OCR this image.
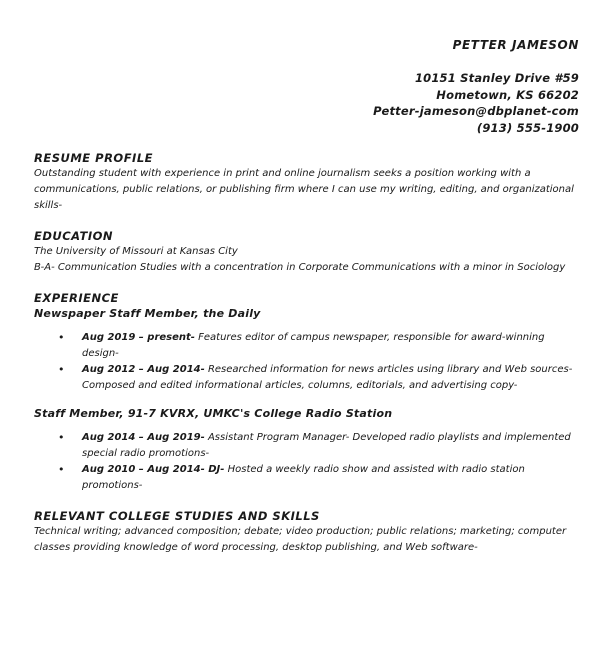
PETTER JAMESON
10151 Stanley Drive #59
Hometown, KS 66202
Petter-jameson@dbplanet-com
(913) 555-1900
RESUME PROFILE
Outstanding student with experience in print and online journalism seeks a position working with a communications, public relations, or publishing firm where I can use my writing, editing, and organizational skills-
EDUCATION
The University of Missouri at Kansas City
B-A- Communication Studies with a concentration in Corporate Communications with a minor in Sociology
EXPERIENCE
Newspaper Staff Member, the Daily
• Aug 2019 – present- Features editor of campus newspaper, responsible for award-winning design-
• Aug 2012 – Aug 2014- Researched information for news articles using library and Web sources- Composed and edited informational articles, columns, editorials, and advertising copy-
Staff Member, 91-7 KVRX, UMKC's College Radio Station
• Aug 2014 – Aug 2019- Assistant Program Manager- Developed radio playlists and implemented special radio promotions-
• Aug 2010 – Aug 2014- DJ- Hosted a weekly radio show and assisted with radio station promotions-
RELEVANT COLLEGE STUDIES AND SKILLS
Technical writing; advanced composition; debate; video production; public relations; marketing; computer classes providing knowledge of word processing, desktop publishing, and Web software-
